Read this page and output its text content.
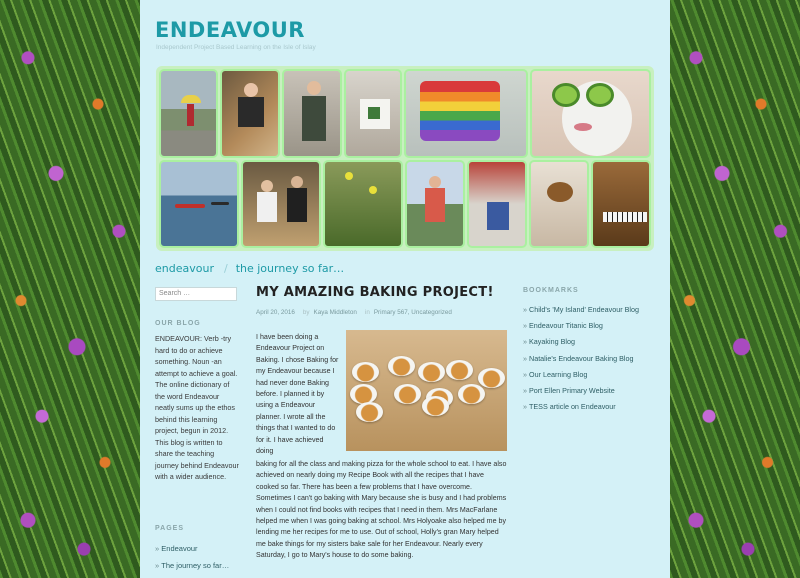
ENDEAVOUR
Independent Project Based Learning on the Isle of Islay
endeavour / the journey so far…
Search …
OUR BLOG
ENDEAVOUR: Verb -try hard to do or achieve something. Noun -an attempt to achieve a goal. The online dictionary of the word Endeavour neatly sums up the ethos behind this learning project, begun in 2012. This blog is written to share the teaching journey behind Endeavour with a wider audience.
PAGES
» Endeavour
» The journey so far…
MY AMAZING BAKING PROJECT!
April 20, 2016 by Kaya Middleton in Primary 567, Uncategorized
I have been doing a Endeavour Project on Baking. I chose Baking for my Endeavour because I had never done Baking before. I planned it by using a Endeavour planner. I wrote all the things that I wanted to do for it. I have achieved doing
baking for all the class and making pizza for the whole school to eat. I have also achieved on nearly doing my Recipe Book with all the recipes that I have cooked so far. There has been a few problems that I have overcome. Sometimes I can't go baking with Mary because she is busy and I had problems when I could not find books with recipes that I need in them. Mrs MacFarlane helped me when I was going baking at school. Mrs Holyoake also helped me by lending me her recipes for me to use. Out of school, Holly's gran Mary helped me bake things for my sisters bake sale for her Endeavour. Nearly every Saturday, I go to Mary's house to do some baking.
BOOKMARKS
» Child's 'My Island' Endeavour Blog
» Endeavour Titanic Blog
» Kayaking Blog
» Natalie's Endeavour Baking Blog
» Our Learning Blog
» Port Ellen Primary Website
» TESS article on Endeavour
